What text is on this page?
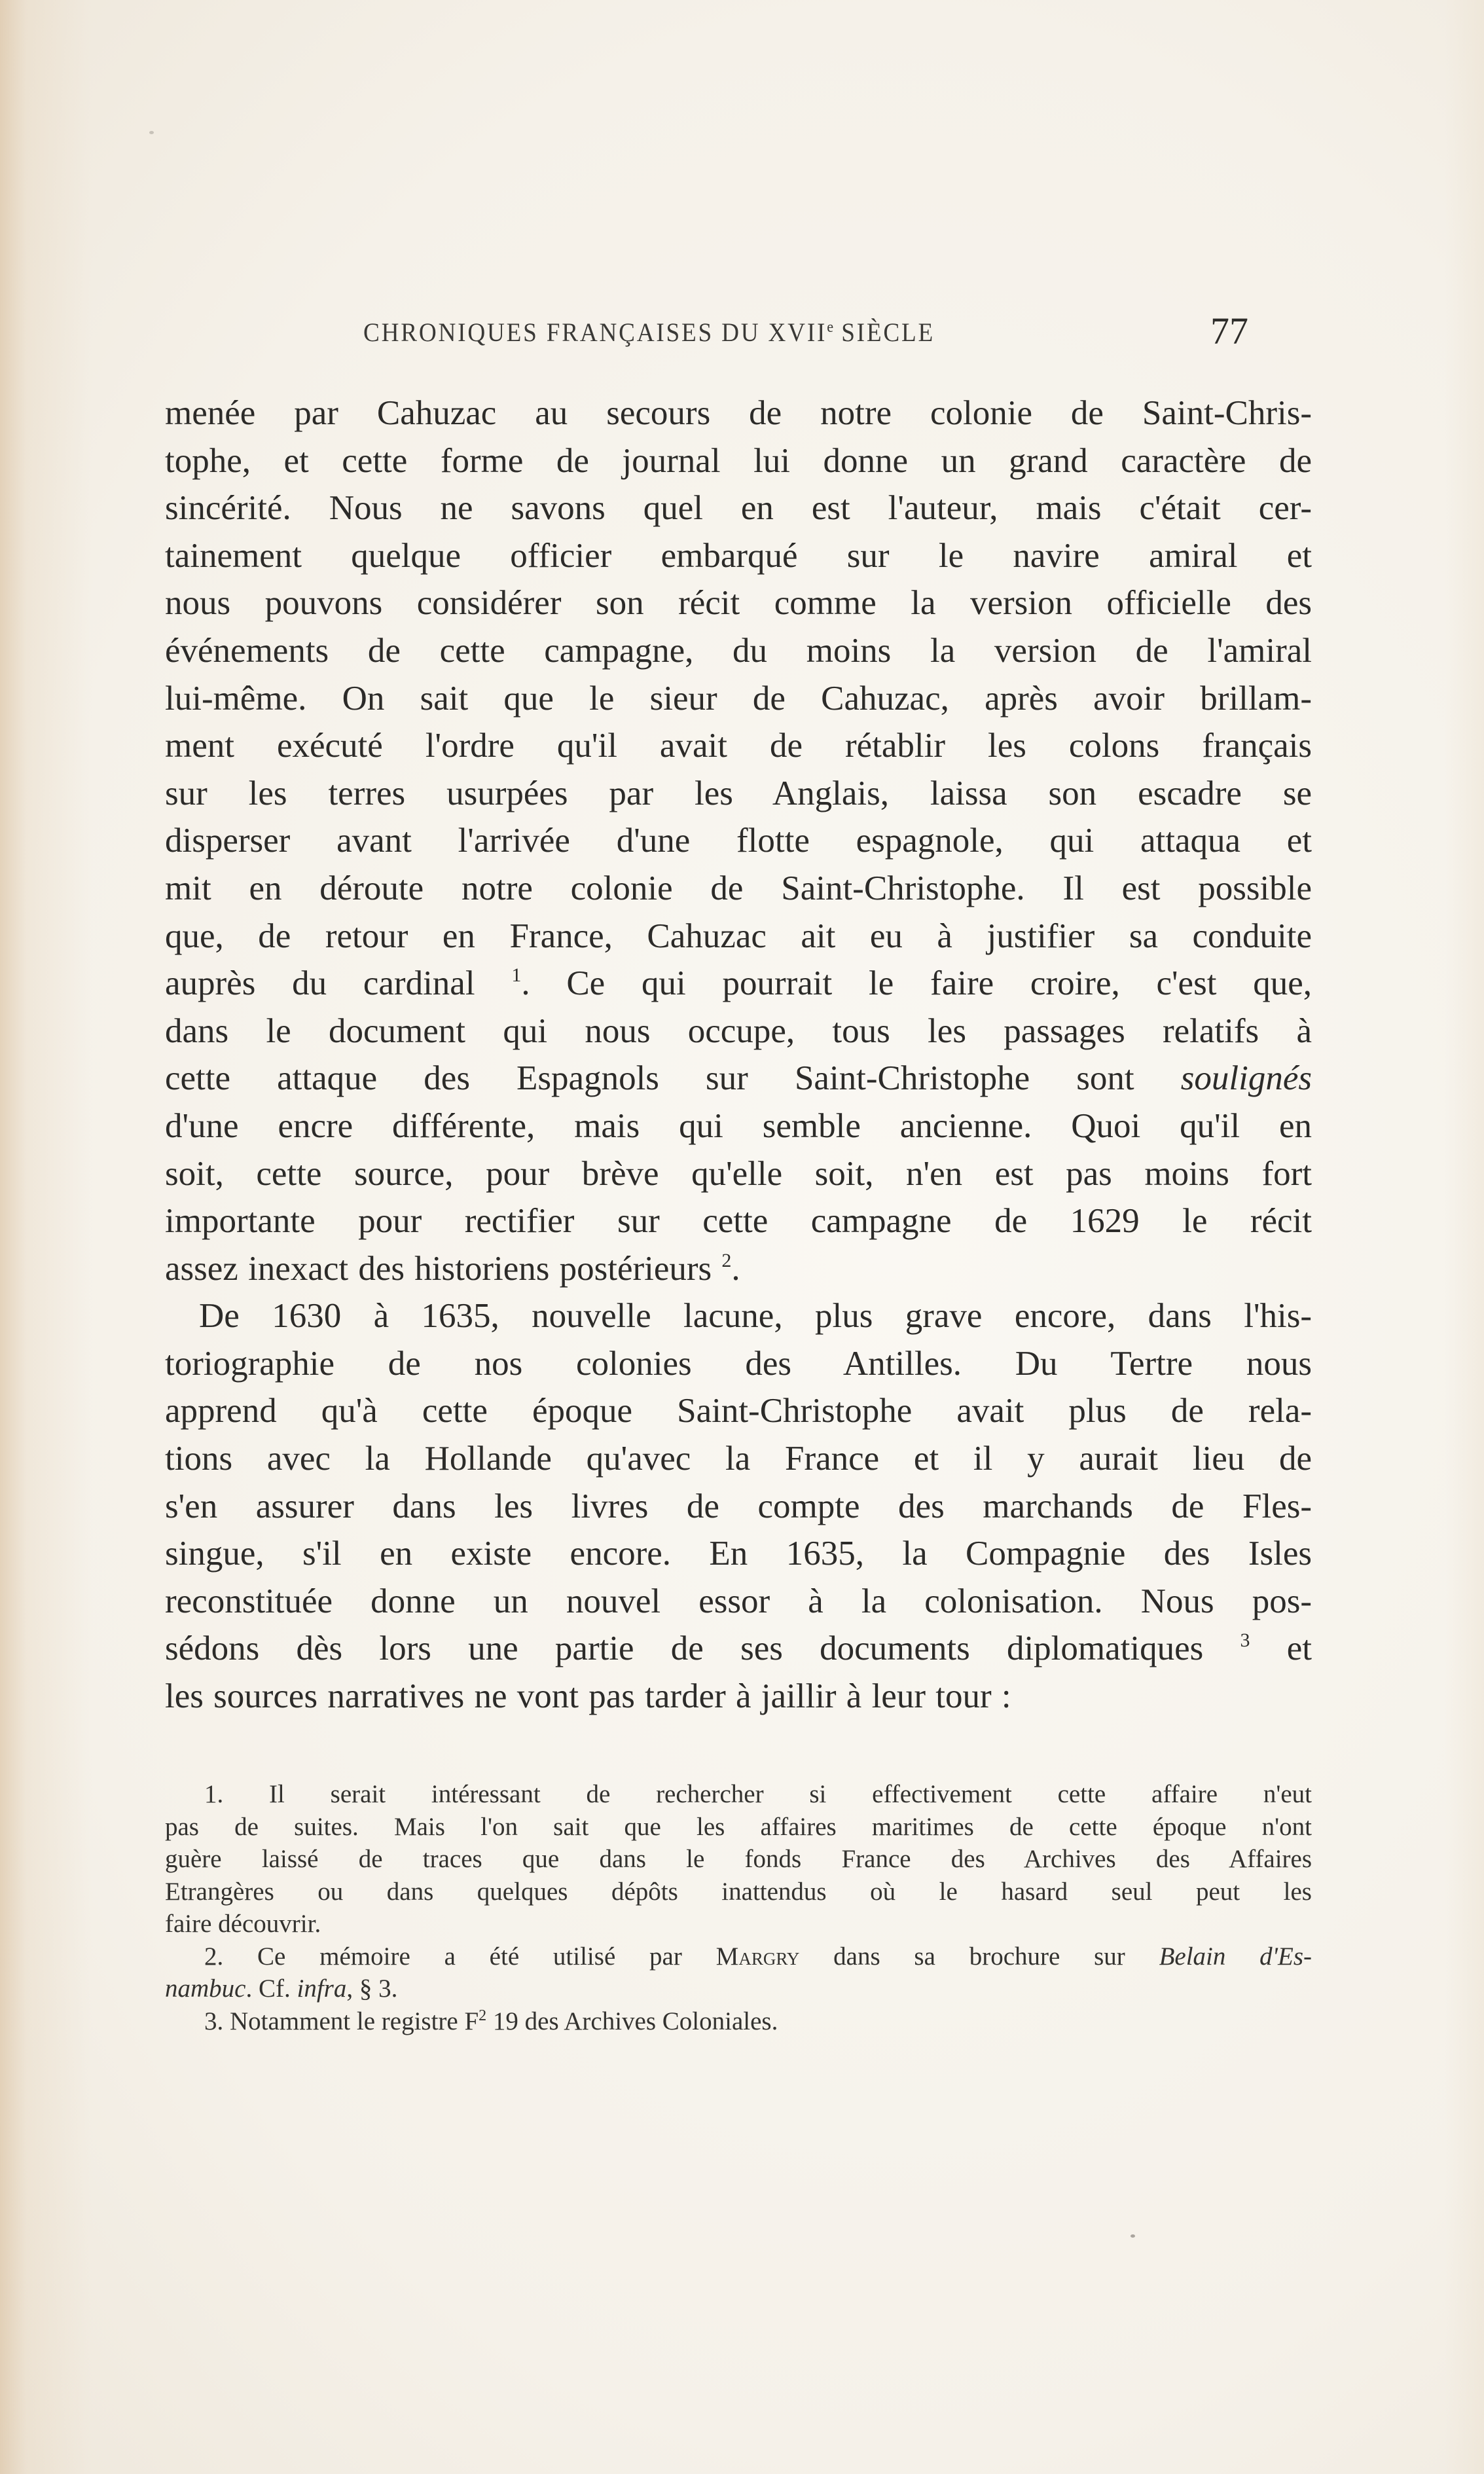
CHRONIQUES FRANÇAISES DU XVIIe SIÈCLE	77
menée par Cahuzac au secours de notre colonie de Saint-Chris-
tophe, et cette forme de journal lui donne un grand caractère de
sincérité. Nous ne savons quel en est l'auteur, mais c'était cer-
tainement quelque officier embarqué sur le navire amiral et
nous pouvons considérer son récit comme la version officielle des
événements de cette campagne, du moins la version de l'amiral
lui-même. On sait que le sieur de Cahuzac, après avoir brillam-
ment exécuté l'ordre qu'il avait de rétablir les colons français
sur les terres usurpées par les Anglais, laissa son escadre se
disperser avant l'arrivée d'une flotte espagnole, qui attaqua et
mit en déroute notre colonie de Saint-Christophe. Il est possible
que, de retour en France, Cahuzac ait eu à justifier sa conduite
auprès du cardinal $^1$. Ce qui pourrait le faire croire, c'est que,
dans le document qui nous occupe, tous les passages relatifs à
cette attaque des Espagnols sur Saint-Christophe sont soulignés
d'une encre différente, mais qui semble ancienne. Quoi qu'il en
soit, cette source, pour brève qu'elle soit, n'en est pas moins fort
importante pour rectifier sur cette campagne de 1629 le récit
assez inexact des historiens postérieurs $^2$.
De 1630 à 1635, nouvelle lacune, plus grave encore, dans l'his-
toriographie de nos colonies des Antilles. Du Tertre nous
apprend qu'à cette époque Saint-Christophe avait plus de rela-
tions avec la Hollande qu'avec la France et il y aurait lieu de
s'en assurer dans les livres de compte des marchands de Fles-
singue, s'il en existe encore. En 1635, la Compagnie des Isles
reconstituée donne un nouvel essor à la colonisation. Nous pos-
sédons dès lors une partie de ses documents diplomatiques $^3$ et
les sources narratives ne vont pas tarder à jaillir à leur tour :
1. Il serait intéressant de rechercher si effectivement cette affaire n'eut
pas de suites. Mais l'on sait que les affaires maritimes de cette époque n'ont
guère laissé de traces que dans le fonds France des Archives des Affaires
Etrangères ou dans quelques dépôts inattendus où le hasard seul peut les
faire découvrir.
2. Ce mémoire a été utilisé par Margry dans sa brochure sur Belain d'Es-
nambuc. Cf. infra, § 3.
3. Notamment le registre $F^2$ 19 des Archives Coloniales.
